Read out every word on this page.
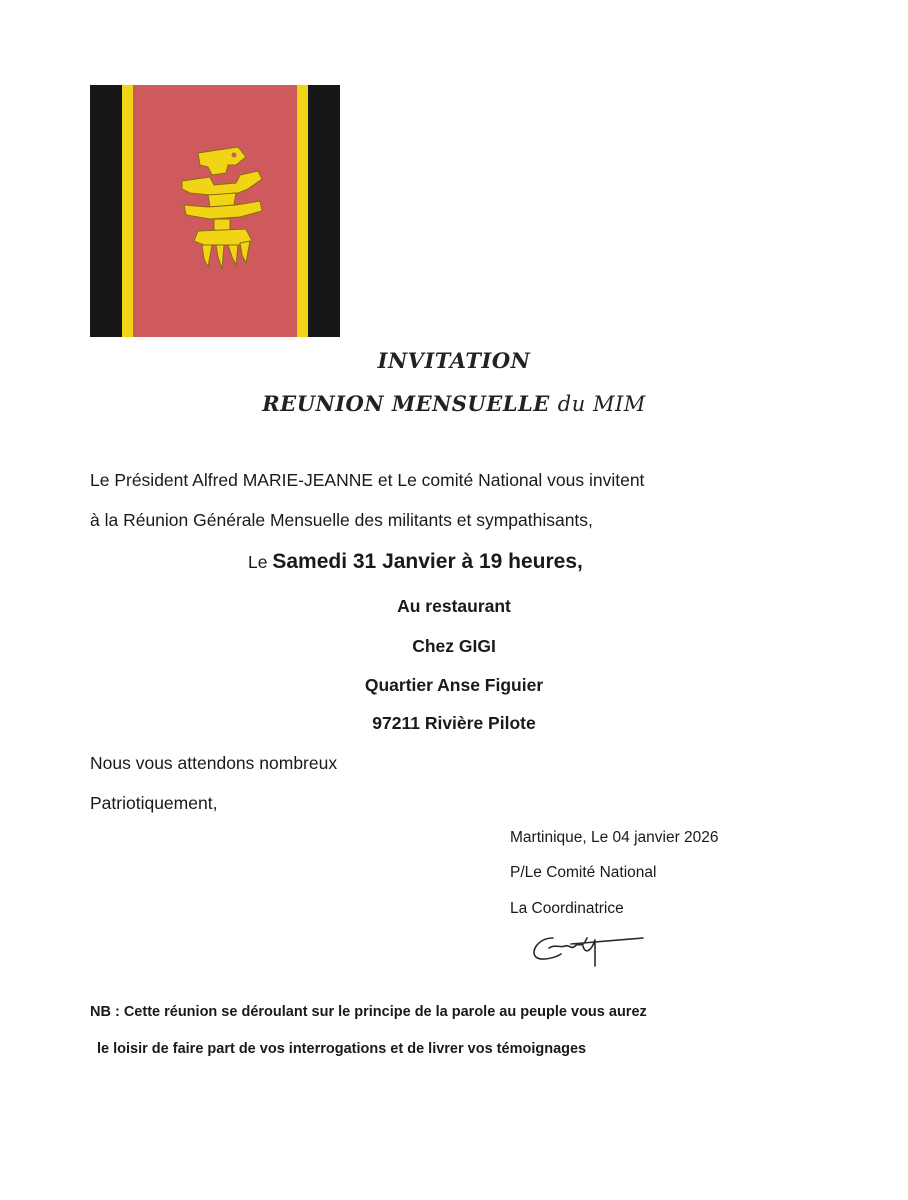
INVITATION
REUNION MENSUELLE du MIM
Le Président Alfred MARIE-JEANNE et Le comité National vous invitent
à la Réunion Générale Mensuelle des militants et sympathisants,
Le Samedi 31 Janvier à 19 heures,
Au restaurant
Chez GIGI
Quartier Anse Figuier
97211 Rivière Pilote
Nous vous attendons nombreux
Patriotiquement,
Martinique, Le 04 janvier 2026
P/Le Comité National
La Coordinatrice
NB : Cette réunion se déroulant sur le principe de la parole au peuple vous aurez
le loisir de faire part de vos interrogations et de livrer vos témoignages
